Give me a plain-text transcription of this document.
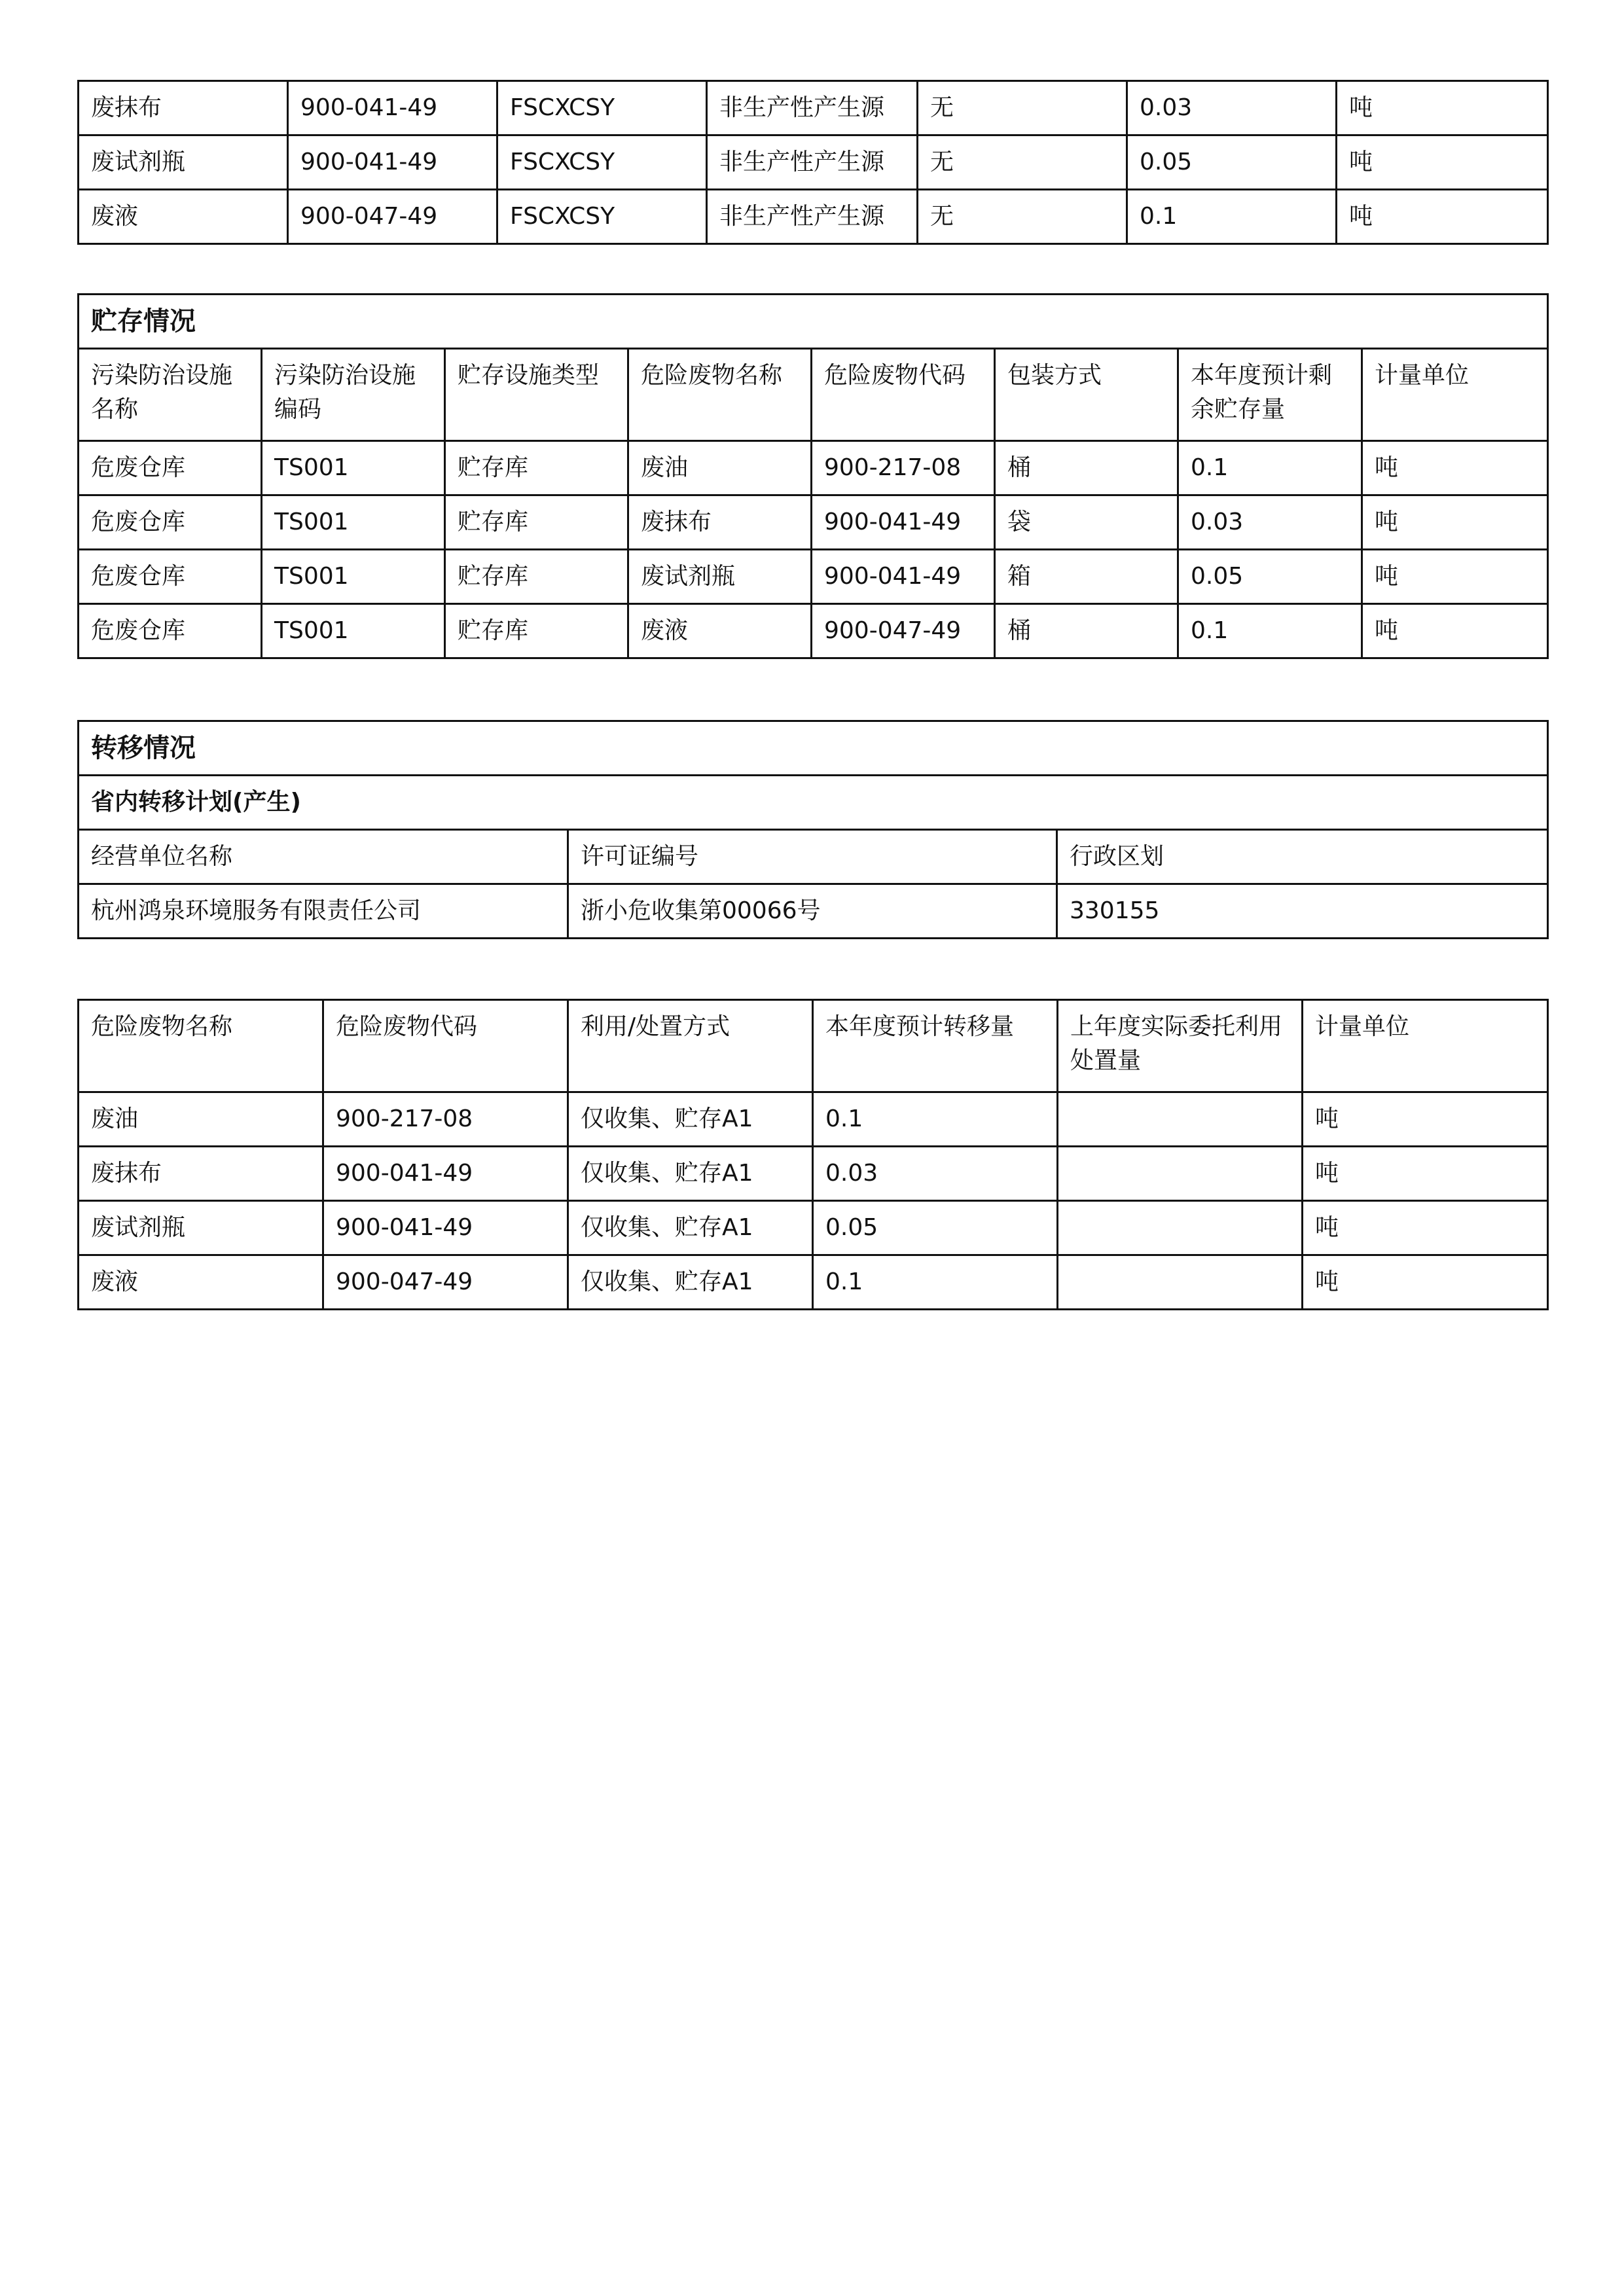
废抹布	900-041-49	FSCXCSY	非生产性产生源	无	0.03	吨
废试剂瓶	900-041-49	FSCXCSY	非生产性产生源	无	0.05	吨
废液	900-047-49	FSCXCSY	非生产性产生源	无	0.1	吨
贮存情况							
污染防治设施名称	污染防治设施编码	贮存设施类型	危险废物名称	危险废物代码	包装方式	本年度预计剩余贮存量	计量单位
危废仓库	TS001	贮存库	废油	900-217-08	桶	0.1	吨
危废仓库	TS001	贮存库	废抹布	900-041-49	袋	0.03	吨
危废仓库	TS001	贮存库	废试剂瓶	900-041-49	箱	0.05	吨
危废仓库	TS001	贮存库	废液	900-047-49	桶	0.1	吨
转移情况		
省内转移计划(产生)		
经营单位名称	许可证编号	行政区划
杭州鸿泉环境服务有限责任公司	浙小危收集第00066号	330155
危险废物名称	危险废物代码	利用/处置方式	本年度预计转移量	上年度实际委托利用处置量	计量单位
废油	900-217-08	仅收集、贮存A1	0.1		吨
废抹布	900-041-49	仅收集、贮存A1	0.03		吨
废试剂瓶	900-041-49	仅收集、贮存A1	0.05		吨
废液	900-047-49	仅收集、贮存A1	0.1		吨
